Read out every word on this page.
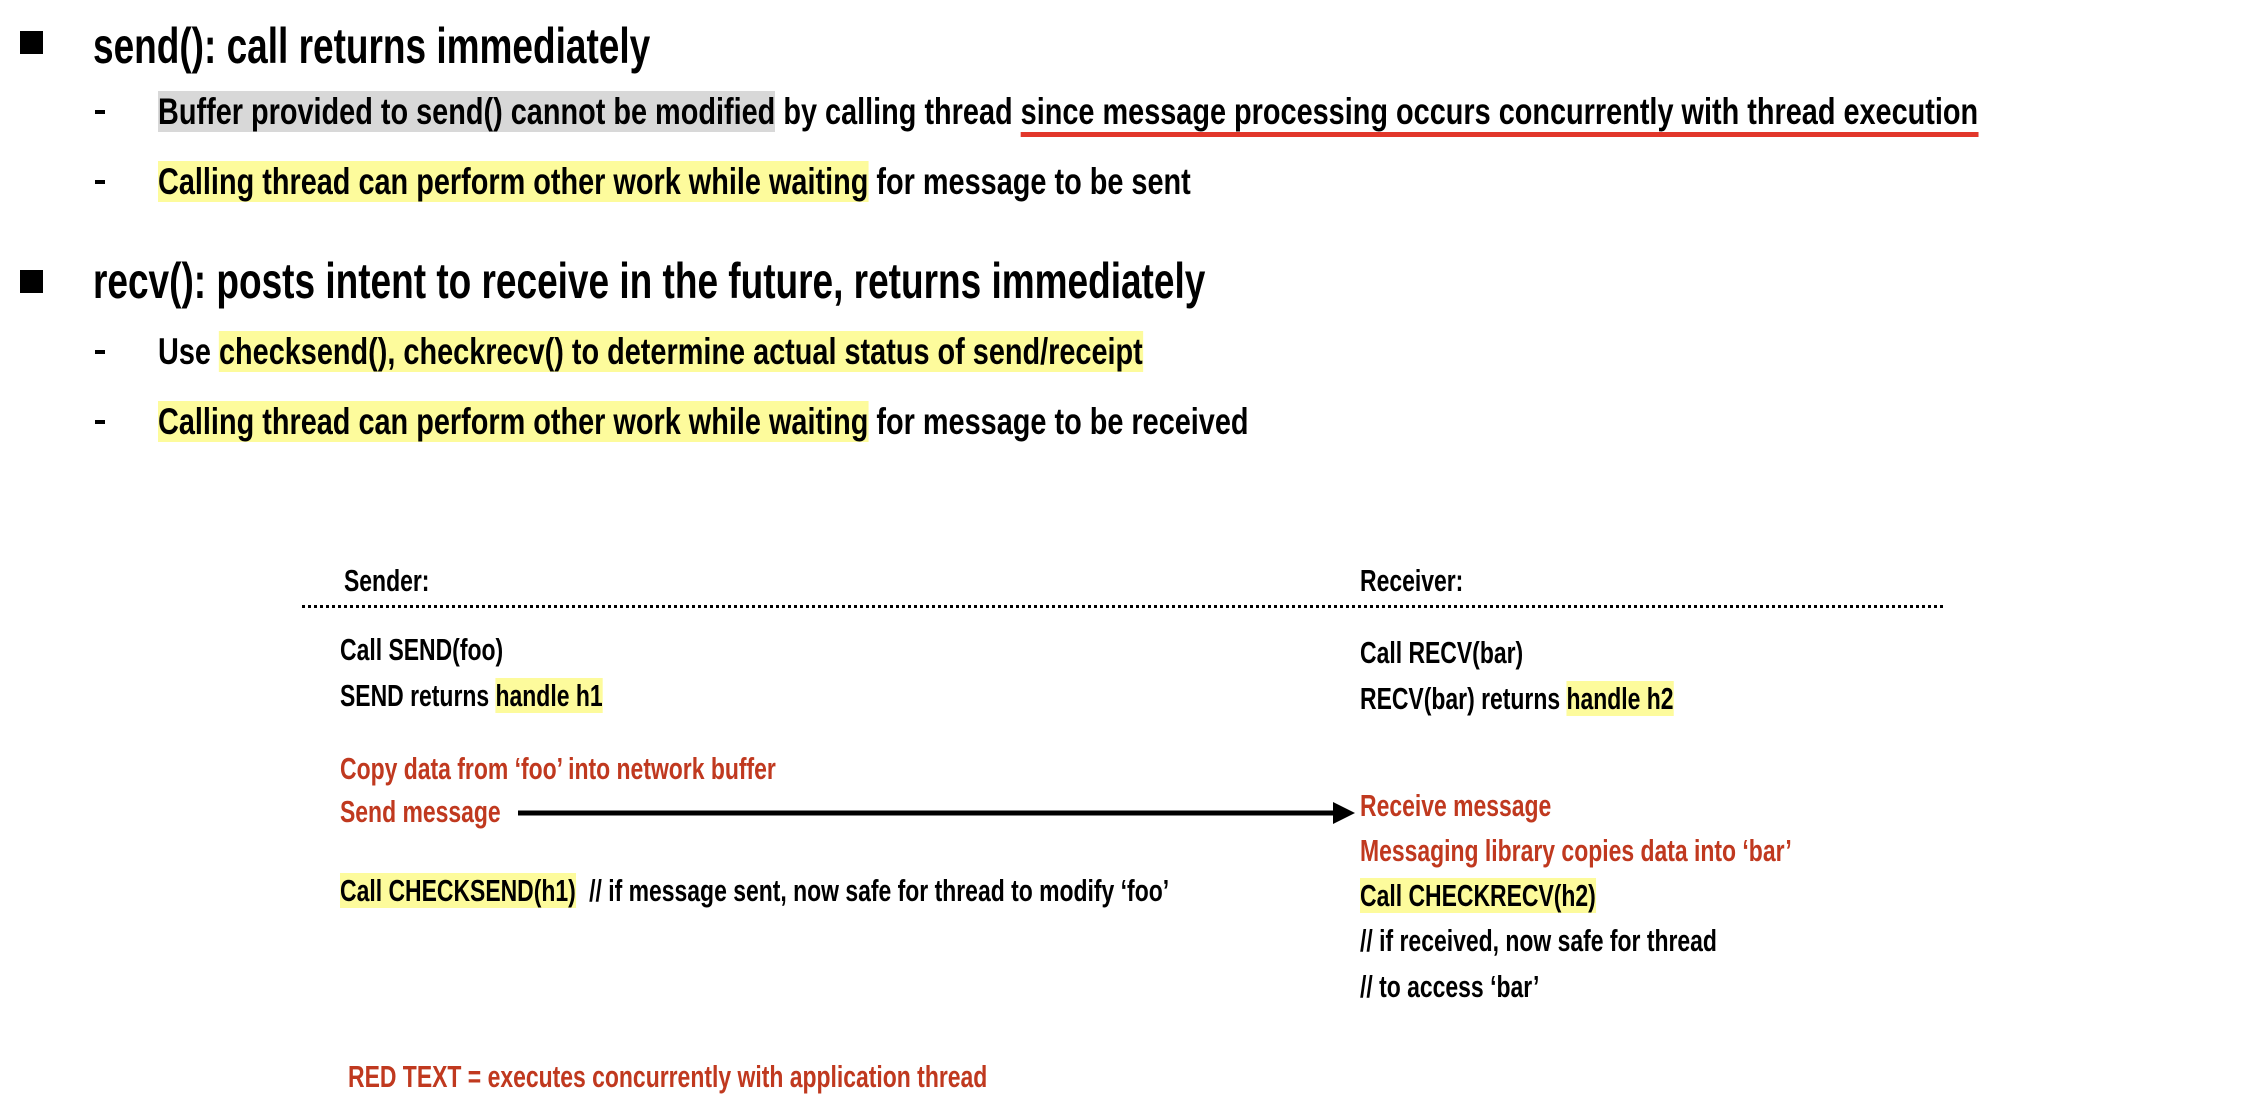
send(): call returns immediately
Buffer provided to send() cannot be modified by calling thread since message processing occurs concurrently with thread execution
Calling thread can perform other work while waiting for message to be sent
recv(): posts intent to receive in the future, returns immediately
Use checksend(), checkrecv() to determine actual status of send/receipt
Calling thread can perform other work while waiting for message to be received
Sender:	Receiver:
Call SEND(foo)
SEND returns handle h1
Copy data from ‘foo’ into network buffer
Send message
Call CHECKSEND(h1) // if message sent, now safe for thread to modify ‘foo’
Call RECV(bar)
RECV(bar) returns handle h2
Receive message
Messaging library copies data into ‘bar’
Call CHECKRECV(h2)
// if received, now safe for thread
// to access ‘bar’
RED TEXT = executes concurrently with application thread
